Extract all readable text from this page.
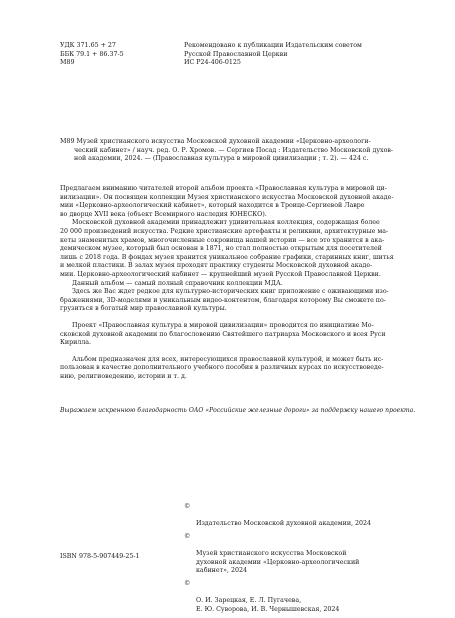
УДК 371.65 + 27
ББК 79.1 + 86.37-5
М89
Рекомендовано к публикации Издательским советом
Русской Православной Церкви
ИС Р24-406-0125

М89 Музей христианского искусства Московской духовной академии «Церковно-археологи-
ческий кабинет» / науч. ред. О. Р. Хромов. — Сергиев Посад : Издательство Московской духов-
ной академии, 2024. — (Православная культура в мировой цивилизации ; т. 2). — 424 с.

Предлагаем вниманию читателей второй альбом проекта «Православная культура в мировой ци-
вилизации». Он посвящен коллекции Музея христианского искусства Московской духовной акаде-
мии «Церковно-археологический кабинет», который находится в Троице-Сергиевой Лавре
во дворце XVII века (объект Всемирного наследия ЮНЕСКО).

Московской духовной академии принадлежит удивительная коллекция, содержащая более
20 000 произведений искусства. Редкие христианские артефакты и реликвии, архитектурные ма-
кеты знаменитых храмов, многочисленные сокровища нашей истории — все это хранится в ака-
демическом музее, который был основан в 1871, но стал полностью открытым для посетителей
лишь с 2018 года. В фондах музея хранится уникальное собрание графики, старинных книг, шитья
и мелкой пластики. В залах музея проходят практику студенты Московской духовной акаде-
мии. Церковно-археологический кабинет — крупнейший музей Русской Православной Церкви.

Данный альбом — самый полный справочник коллекции МДА.

Здесь же Вас ждет редкое для культурно-исторических книг приложение с оживающими изо-
бражениями, 3D-моделями и уникальным видео-контентом, благодаря которому Вы сможете по-
грузиться в богатый мир православной культуры.

Проект «Православная культура в мировой цивилизации» проводится по инициативе Мо-
сковской духовной академии по благословению Святейшего патриарха Московского и всея Руси
Кирилла.

Альбом предназначен для всех, интересующихся православной культурой, и может быть ис-
пользован в качестве дополнительного учебного пособия в различных курсах по искусствоведе-
нию, религиоведению, истории и т. д.

Выражаем искреннюю благодарность ОАО «Российские железные дороги» за поддержку нашего проекта.
ISBN 978-5-907449-25-1

©

Издательство Московской духовной академии, 2024

©

Музей христианского искусства Московской
духовной академии «Церковно-археологический
кабинет», 2024

©

О. И. Зарецкая, Е. Л. Пугачева,
Е. Ю. Суворова, И. В. Чернышевская, 2024
